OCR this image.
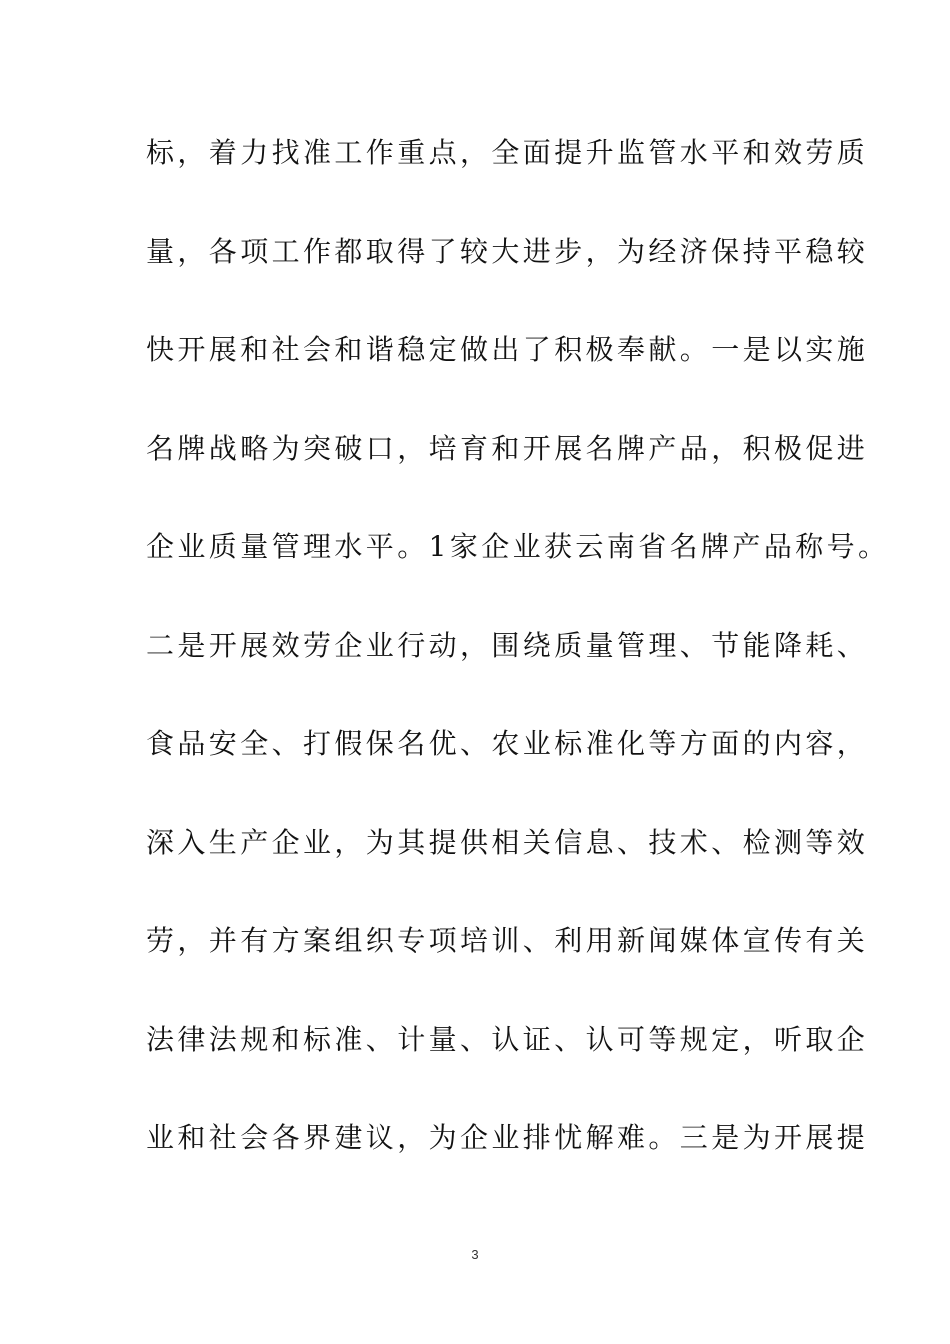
标，着力找准工作重点，全面提升监管水平和效劳质
量，各项工作都取得了较大进步，为经济保持平稳较
快开展和社会和谐稳定做出了积极奉献。一是以实施
名牌战略为突破口，培育和开展名牌产品，积极促进
企业质量管理水平。1家企业获云南省名牌产品称号。
二是开展效劳企业行动，围绕质量管理、节能降耗、
食品安全、打假保名优、农业标准化等方面的内容，
深入生产企业，为其提供相关信息、技术、检测等效
劳，并有方案组织专项培训、利用新闻媒体宣传有关
法律法规和标准、计量、认证、认可等规定，听取企
业和社会各界建议，为企业排忧解难。三是为开展提
3
